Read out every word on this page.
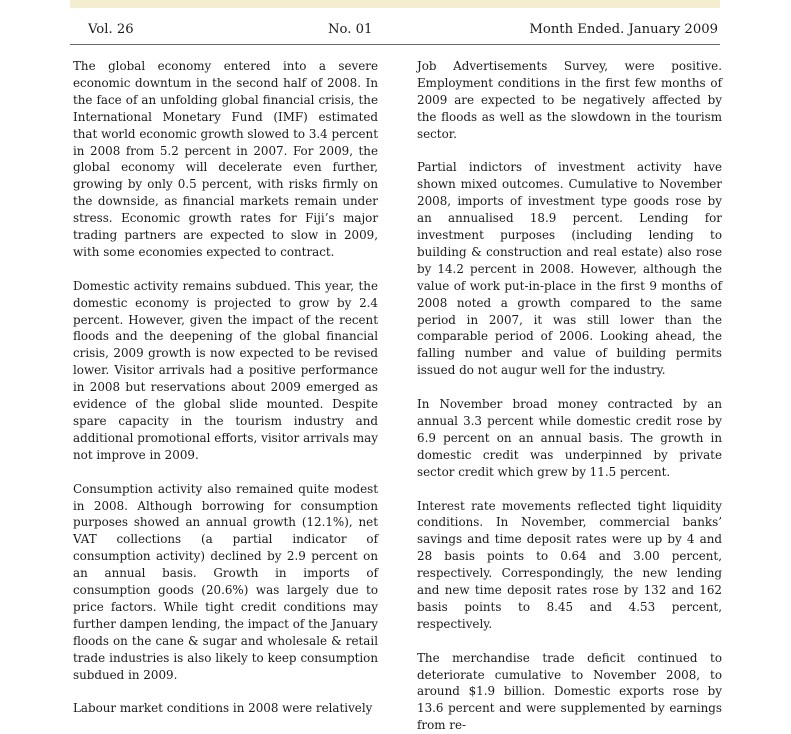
Vol. 26	No. 01	Month Ended. January 2009

The global economy entered into a severe economic downtum in the second half of 2008. In the face of an unfolding global financial crisis, the International Monetary Fund (IMF) estimated that world economic growth slowed to 3.4 percent in 2008 from 5.2 percent in 2007. For 2009, the global economy will decelerate even further, growing by only 0.5 percent, with risks firmly on the downside, as financial markets remain under stress. Economic growth rates for Fiji’s major trading partners are expected to slow in 2009, with some economies expected to contract.

Domestic activity remains subdued. This year, the domestic economy is projected to grow by 2.4 percent. However, given the impact of the recent floods and the deepening of the global financial crisis, 2009 growth is now expected to be revised lower. Visitor arrivals had a positive performance in 2008 but reservations about 2009 emerged as evidence of the global slide mounted. Despite spare capacity in the tourism industry and additional promotional efforts, visitor arrivals may not improve in 2009.

Consumption activity also remained quite modest in 2008. Although borrowing for consumption purposes showed an annual growth (12.1%), net VAT collections (a partial indicator of consumption activity) declined by 2.9 percent on an annual basis. Growth in imports of consumption goods (20.6%) was largely due to price factors. While tight credit conditions may further dampen lending, the impact of the January floods on the cane & sugar and wholesale & retail trade industries is also likely to keep consumption subdued in 2009.

Labour market conditions in 2008 were relatively

Job Advertisements Survey, were positive. Employment conditions in the first few months of 2009 are expected to be negatively affected by the floods as well as the slowdown in the tourism sector.

Partial indictors of investment activity have shown mixed outcomes. Cumulative to November 2008, imports of investment type goods rose by an annualised 18.9 percent. Lending for investment purposes (including lending to building & construction and real estate) also rose by 14.2 percent in 2008. However, although the value of work put-in-place in the first 9 months of 2008 noted a growth compared to the same period in 2007, it was still lower than the comparable period of 2006. Looking ahead, the falling number and value of building permits issued do not augur well for the industry.

In November broad money contracted by an annual 3.3 percent while domestic credit rose by 6.9 percent on an annual basis. The growth in domestic credit was underpinned by private sector credit which grew by 11.5 percent.

Interest rate movements reflected tight liquidity conditions. In November, commercial banks’ savings and time deposit rates were up by 4 and 28 basis points to 0.64 and 3.00 percent, respectively. Correspondingly, the new lending and new time deposit rates rose by 132 and 162 basis points to 8.45 and 4.53 percent, respectively.

The merchandise trade deficit continued to deteriorate cumulative to November 2008, to around $1.9 billion. Domestic exports rose by 13.6 percent and were supplemented by earnings from re-
